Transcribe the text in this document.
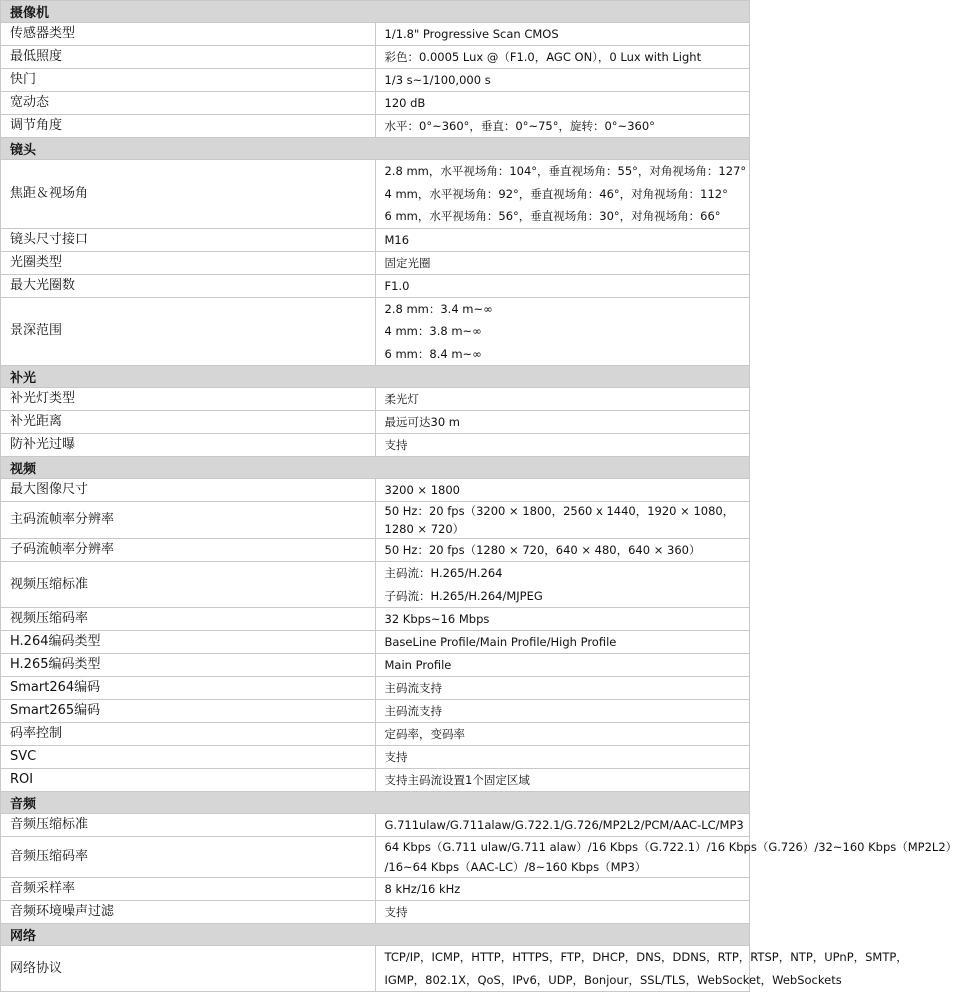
摄像机	
传感器类型	1/1.8" Progressive Scan CMOS
最低照度	彩色：0.0005 Lux @（F1.0，AGC ON），0 Lux with Light
快门	1/3 s~1/100,000 s
宽动态	120 dB
调节角度	水平：0°~360°，垂直：0°~75°，旋转：0°~360°
镜头	
焦距＆视场角	2.8 mm，水平视场角：104°，垂直视场角：55°，对角视场角：127°
4 mm，水平视场角：92°，垂直视场角：46°，对角视场角：112°
6 mm，水平视场角：56°，垂直视场角：30°，对角视场角：66°

镜头尺寸接口	M16
光圈类型	固定光圈
最大光圈数	F1.0
景深范围	2.8 mm：3.4 m~∞
4 mm：3.8 m~∞
6 mm：8.4 m~∞

补光	
补光灯类型	柔光灯
补光距离	最远可达30 m
防补光过曝	支持
视频	
最大图像尺寸	3200 × 1800
主码流帧率分辨率	50 Hz：20 fps（3200 × 1800，2560 x 1440，1920 × 1080，1280 × 720）
子码流帧率分辨率	50 Hz：20 fps（1280 × 720，640 × 480，640 × 360）
视频压缩标准	主码流：H.265/H.264
子码流：H.265/H.264/MJPEG

视频压缩码率	32 Kbps~16 Mbps
H.264编码类型	BaseLine Profile/Main Profile/High Profile
H.265编码类型	Main Profile
Smart264编码	主码流支持
Smart265编码	主码流支持
码率控制	定码率，变码率
SVC	支持
ROI	支持主码流设置1个固定区域
音频	
音频压缩标准	G.711ulaw/G.711alaw/G.722.1/G.726/MP2L2/PCM/AAC-LC/MP3
音频压缩码率	64 Kbps（G.711 ulaw/G.711 alaw）/16 Kbps（G.722.1）/16 Kbps（G.726）/32~160 Kbps（MP2L2）
/16~64 Kbps（AAC-LC）/8~160 Kbps（MP3）

音频采样率	8 kHz/16 kHz
音频环境噪声过滤	支持
网络	
网络协议	TCP/IP，ICMP，HTTP，HTTPS，FTP，DHCP，DNS，DDNS，RTP，RTSP，NTP，UPnP，SMTP，
IGMP，802.1X，QoS，IPv6，UDP，Bonjour，SSL/TLS，WebSocket，WebSockets
